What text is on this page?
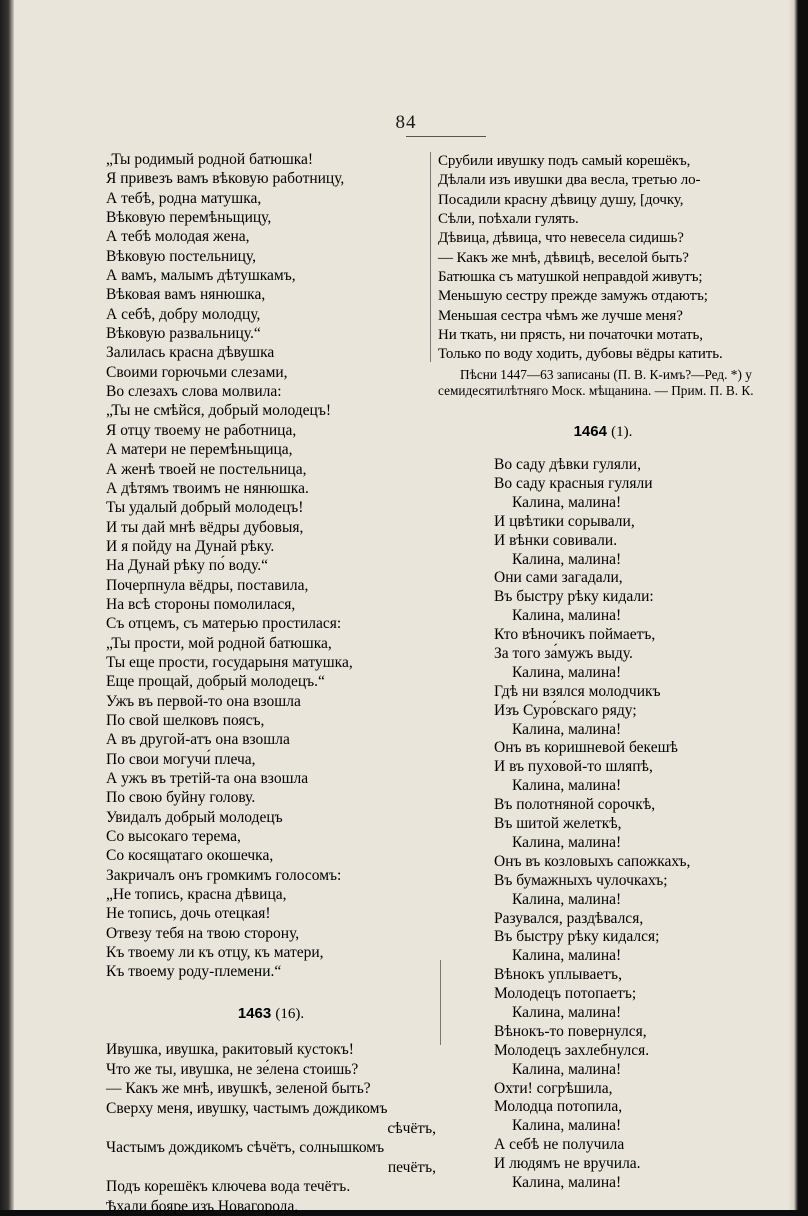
84
„Ты родимый родной батюшка!
Я привезъ вамъ вѣковую работницу,
А тебѣ, родна матушка,
Вѣковую перемѣньщицу,
А тебѣ молодая жена,
Вѣковую постельницу,
А вамъ, малымъ дѣтушкамъ,
Вѣковая вамъ нянюшка,
А себѣ, добру молодцу,
Вѣковую развальницу.“
Залилась красна дѣвушка
Своими горючьми слезами,
Во слезахъ слова молвила:
„Ты не смѣйся, добрый молодецъ!
Я отцу твоему не работница,
А матери не перемѣньщица,
А женѣ твоей не постельница,
А дѣтямъ твоимъ не нянюшка.
Ты удалый добрый молодецъ!
И ты дай мнѣ вёдры дубовыя,
И я пойду на Дунай рѣку.
На Дунай рѣку по́ воду.“
Почерпнула вёдры, поставила,
На всѣ стороны помолилася,
Съ отцемъ, съ матерью простилася:
„Ты прости, мой родной батюшка,
Ты еще прости, государыня матушка,
Еще прощай, добрый молодецъ.“
Ужъ въ первой-то она взошла
По свой шелковъ поясъ,
А въ другой-атъ она взошла
По свои могучи́ плеча,
А ужъ въ третій-та она взошла
По свою буйну голову.
Увидалъ добрый молодецъ
Со высокаго терема,
Со косящатаго окошечка,
Закричалъ онъ громкимъ голосомъ:
„Не топись, красна дѣвица,
Не топись, дочь отецкая!
Отвезу тебя на твою сторону,
Къ твоему ли къ отцу, къ матери,
Къ твоему роду-племени.“
1463 (16).
Ивушка, ивушка, ракитовый кустокъ!
Что же ты, ивушка, не зе́лена стоишь?
— Какъ же мнѣ, ивушкѣ, зеленой быть?
Сверху меня, ивушку, частымъ дождикомъ
сѣчётъ,
Частымъ дождикомъ сѣчётъ, солнышкомъ
печётъ,
Подъ корешёкъ ключева вода течётъ.
Ѣхали бояре изъ Новагорода,
Срубили ивушку подъ самый корешёкъ,
Дѣлали изъ ивушки два весла, третью ло-
Посадили красну дѣвицу душу, [дочку,
Сѣли, поѣхали гулять.
Дѣвица, дѣвица, что невесела сидишь?
— Какъ же мнѣ, дѣвицѣ, веселой быть?
Батюшка съ матушкой неправдой живутъ;
Меньшую сестру прежде замужъ отдаютъ;
Меньшая сестра чѣмъ же лучше меня?
Ни ткать, ни прясть, ни початочки мотать,
Только по воду ходить, дубовы вёдры катить.
Пѣсни 1447—63 записаны (П. В. К-имъ?—Ред. *) у семидесятилѣтняго Моск. мѣщанина. — Прим. П. В. К.
1464 (1).
Во саду дѣвки гуляли,
Во саду красныя гуляли
Калина, малина!
И цвѣтики сорывали,
И вѣнки совивали.
Калина, малина!
Они сами загадали,
Въ быстру рѣку кидали:
Калина, малина!
Кто вѣночикъ поймаетъ,
За того за́мужъ выду.
Калина, малина!
Гдѣ ни взялся молодчикъ
Изъ Суро́вскаго ряду;
Калина, малина!
Онъ въ коришневой бекешѣ
И въ пуховой-то шляпѣ,
Калина, малина!
Въ полотняной сорочкѣ,
Въ шитой желеткѣ,
Калина, малина!
Онъ въ козловыхъ сапожкахъ,
Въ бумажныхъ чулочкахъ;
Калина, малина!
Разувался, раздѣвался,
Въ быстру рѣку кидался;
Калина, малина!
Вѣнокъ уплываетъ,
Молодецъ потопаетъ;
Калина, малина!
Вѣнокъ-то повернулся,
Молодецъ захлебнулся.
Калина, малина!
Охти! согрѣшила,
Молодца потопила,
Калина, малина!
А себѣ не получила
И людямъ не вручила.
Калина, малина!
